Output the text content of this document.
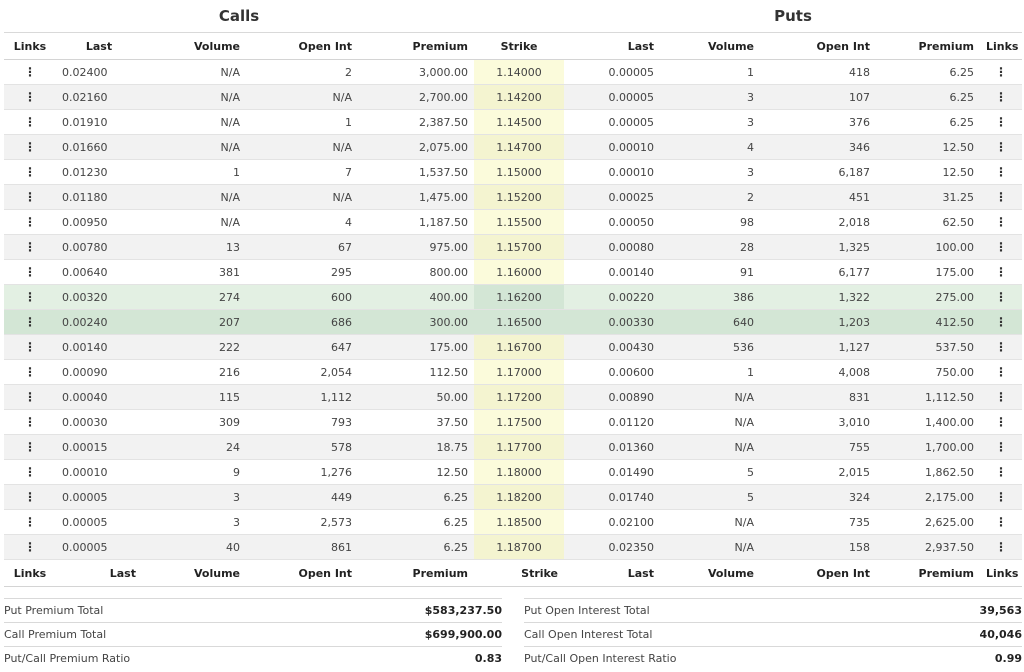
Calls						Puts				
Links	Last	Volume	Open Int	Premium	Strike	Last	Volume	Open Int	Premium	Links
⋮	0.02400	N/A	2	3,000.00	1.14000	0.00005	1	418	6.25	⋮
⋮	0.02160	N/A	N/A	2,700.00	1.14200	0.00005	3	107	6.25	⋮
⋮	0.01910	N/A	1	2,387.50	1.14500	0.00005	3	376	6.25	⋮
⋮	0.01660	N/A	N/A	2,075.00	1.14700	0.00010	4	346	12.50	⋮
⋮	0.01230	1	7	1,537.50	1.15000	0.00010	3	6,187	12.50	⋮
⋮	0.01180	N/A	N/A	1,475.00	1.15200	0.00025	2	451	31.25	⋮
⋮	0.00950	N/A	4	1,187.50	1.15500	0.00050	98	2,018	62.50	⋮
⋮	0.00780	13	67	975.00	1.15700	0.00080	28	1,325	100.00	⋮
⋮	0.00640	381	295	800.00	1.16000	0.00140	91	6,177	175.00	⋮
⋮	0.00320	274	600	400.00	1.16200	0.00220	386	1,322	275.00	⋮
⋮	0.00240	207	686	300.00	1.16500	0.00330	640	1,203	412.50	⋮
⋮	0.00140	222	647	175.00	1.16700	0.00430	536	1,127	537.50	⋮
⋮	0.00090	216	2,054	112.50	1.17000	0.00600	1	4,008	750.00	⋮
⋮	0.00040	115	1,112	50.00	1.17200	0.00890	N/A	831	1,112.50	⋮
⋮	0.00030	309	793	37.50	1.17500	0.01120	N/A	3,010	1,400.00	⋮
⋮	0.00015	24	578	18.75	1.17700	0.01360	N/A	755	1,700.00	⋮
⋮	0.00010	9	1,276	12.50	1.18000	0.01490	5	2,015	1,862.50	⋮
⋮	0.00005	3	449	6.25	1.18200	0.01740	5	324	2,175.00	⋮
⋮	0.00005	3	2,573	6.25	1.18500	0.02100	N/A	735	2,625.00	⋮
⋮	0.00005	40	861	6.25	1.18700	0.02350	N/A	158	2,937.50	⋮
Links	Last	Volume	Open Int	Premium	Strike	Last	Volume	Open Int	Premium	Links
Put Premium Total	$583,237.50
Call Premium Total	$699,900.00
Put/Call Premium Ratio	0.83
Put Open Interest Total	39,563
Call Open Interest Total	40,046
Put/Call Open Interest Ratio	0.99
